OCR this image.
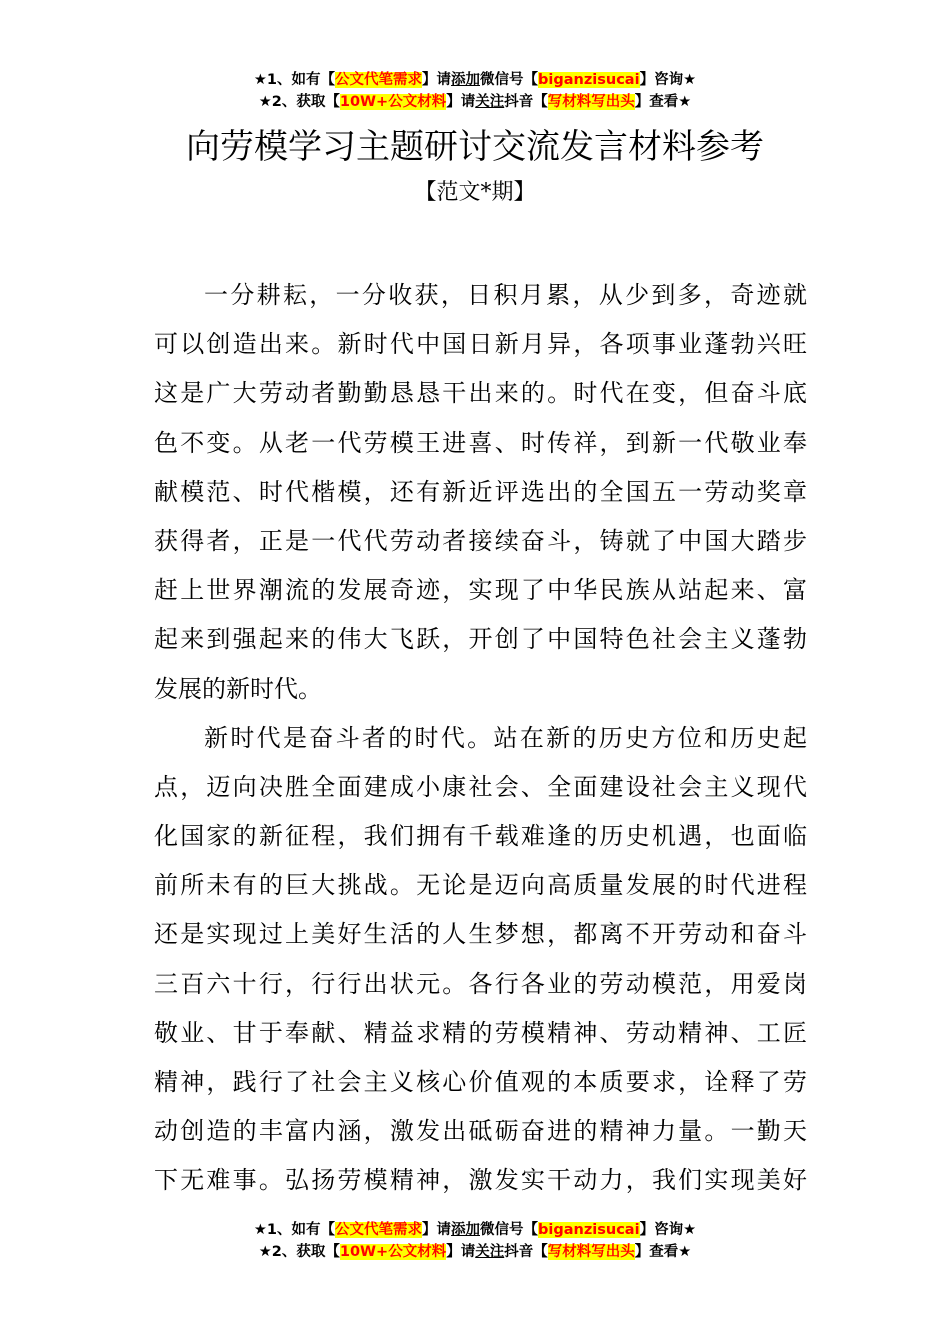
★1、如有【公文代笔需求】请添加微信号【biganzisucai】咨询★
★2、获取【10W+公文材料】请关注抖音【写材料写出头】查看★
向劳模学习主题研讨交流发言材料参考
【范文*期】
一分耕耘，一分收获，日积月累，从少到多，奇迹就
可以创造出来。新时代中国日新月异，各项事业蓬勃兴旺
这是广大劳动者勤勤恳恳干出来的。时代在变，但奋斗底
色不变。从老一代劳模王进喜、时传祥，到新一代敬业奉
献模范、时代楷模，还有新近评选出的全国五一劳动奖章
获得者，正是一代代劳动者接续奋斗，铸就了中国大踏步
赶上世界潮流的发展奇迹，实现了中华民族从站起来、富
起来到强起来的伟大飞跃，开创了中国特色社会主义蓬勃
发展的新时代。
新时代是奋斗者的时代。站在新的历史方位和历史起
点，迈向决胜全面建成小康社会、全面建设社会主义现代
化国家的新征程，我们拥有千载难逢的历史机遇，也面临
前所未有的巨大挑战。无论是迈向高质量发展的时代进程
还是实现过上美好生活的人生梦想，都离不开劳动和奋斗
三百六十行，行行出状元。各行各业的劳动模范，用爱岗
敬业、甘于奉献、精益求精的劳模精神、劳动精神、工匠
精神，践行了社会主义核心价值观的本质要求，诠释了劳
动创造的丰富内涵，激发出砥砺奋进的精神力量。一勤天
下无难事。弘扬劳模精神，激发实干动力，我们实现美好
★1、如有【公文代笔需求】请添加微信号【biganzisucai】咨询★
★2、获取【10W+公文材料】请关注抖音【写材料写出头】查看★
